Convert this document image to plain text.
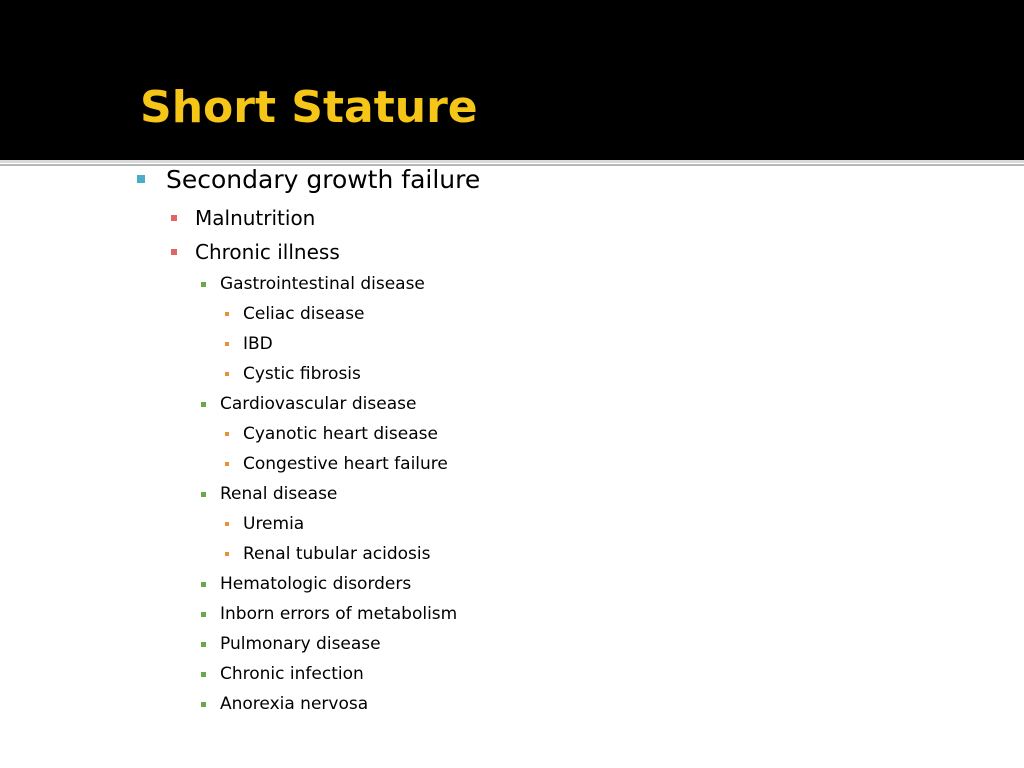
Short Stature
Secondary growth failure
Malnutrition
Chronic illness
Gastrointestinal disease
Celiac disease
IBD
Cystic fibrosis
Cardiovascular disease
Cyanotic heart disease
Congestive heart failure
Renal disease
Uremia
Renal tubular acidosis
Hematologic disorders
Inborn errors of metabolism
Pulmonary disease
Chronic infection
Anorexia nervosa
